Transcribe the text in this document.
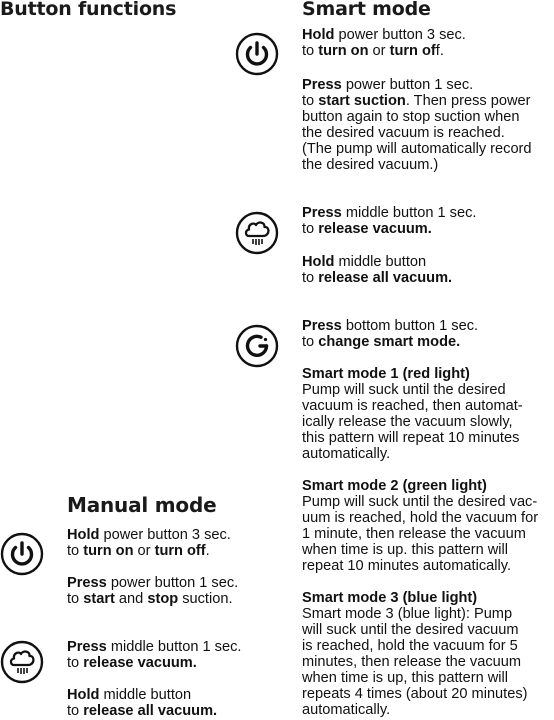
Button functions	Smart mode
Manual mode

Hold power button 3 sec.

to turn on or turn off.

Press power button 1 sec.

to start suction. Then press power

button again to stop suction when

the desired vacuum is reached.

(The pump will automatically record

the desired vacuum.)

Press middle button 1 sec.

to release vacuum.

Hold middle button

to release all vacuum.

Press bottom button 1 sec.

to change smart mode.

Smart mode 1 (red light)

Pump will suck until the desired

vacuum is reached, then automat-

ically release the vacuum slowly,

this pattern will repeat 10 minutes

automatically.

Smart mode 2 (green light)

Pump will suck until the desired vac-

uum is reached, hold the vacuum for

1 minute, then release the vacuum

when time is up. this pattern will

repeat 10 minutes automatically.

Smart mode 3 (blue light)

Smart mode 3 (blue light): Pump

will suck until the desired vacuum

is reached, hold the vacuum for 5

minutes, then release the vacuum

when time is up, this pattern will

repeats 4 times (about 20 minutes)

automatically.

Hold power button 3 sec.

to turn on or turn off.

Press power button 1 sec.

to start and stop suction.

Press middle button 1 sec.

to release vacuum.

Hold middle button

to release all vacuum.
